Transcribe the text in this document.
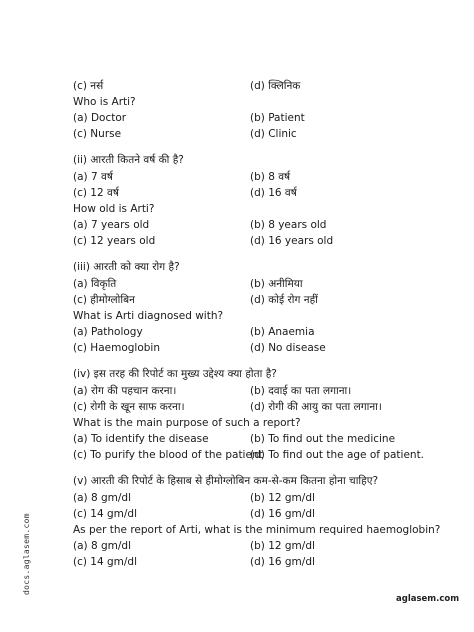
(c) नर्स	(d) क्लिनिक
Who is Arti?
(a) Doctor	(b) Patient
(c) Nurse	(d) Clinic
(ii) आरती कितने वर्ष की है?
(a) 7 वर्ष	(b) 8 वर्ष
(c) 12 वर्ष	(d) 16 वर्ष
How old is Arti?
(a) 7 years old	(b) 8 years old
(c) 12 years old	(d) 16 years old
(iii) आरती को क्या रोग है?
(a) विकृति	(b) अनीमिया
(c) हीमोग्लोबिन	(d) कोई रोग नहीं
What is Arti diagnosed with?
(a) Pathology	(b) Anaemia
(c) Haemoglobin	(d) No disease
(iv) इस तरह की रिपोर्ट का मुख्य उद्देश्य क्या होता है?
(a) रोग की पहचान करना।	(b) दवाई का पता लगाना।
(c) रोगी के खून साफ करना।	(d) रोगी की आयु का पता लगाना।
What is the main purpose of such a report?
(a) To identify the disease	(b) To find out the medicine
(c) To purify the blood of the patient
(d) To find out the age of patient.
(v) आरती की रिपोर्ट के हिसाब से हीमोग्लोबिन कम-से-कम कितना होना चाहिए?
(a) 8 gm/dl	(b) 12 gm/dl
(c) 14 gm/dl	(d) 16 gm/dl
As per the report of Arti, what is the minimum required haemoglobin?
(a) 8 gm/dl	(b) 12 gm/dl
(c) 14 gm/dl	(d) 16 gm/dl
docs.aglasem.com
aglasem.com
